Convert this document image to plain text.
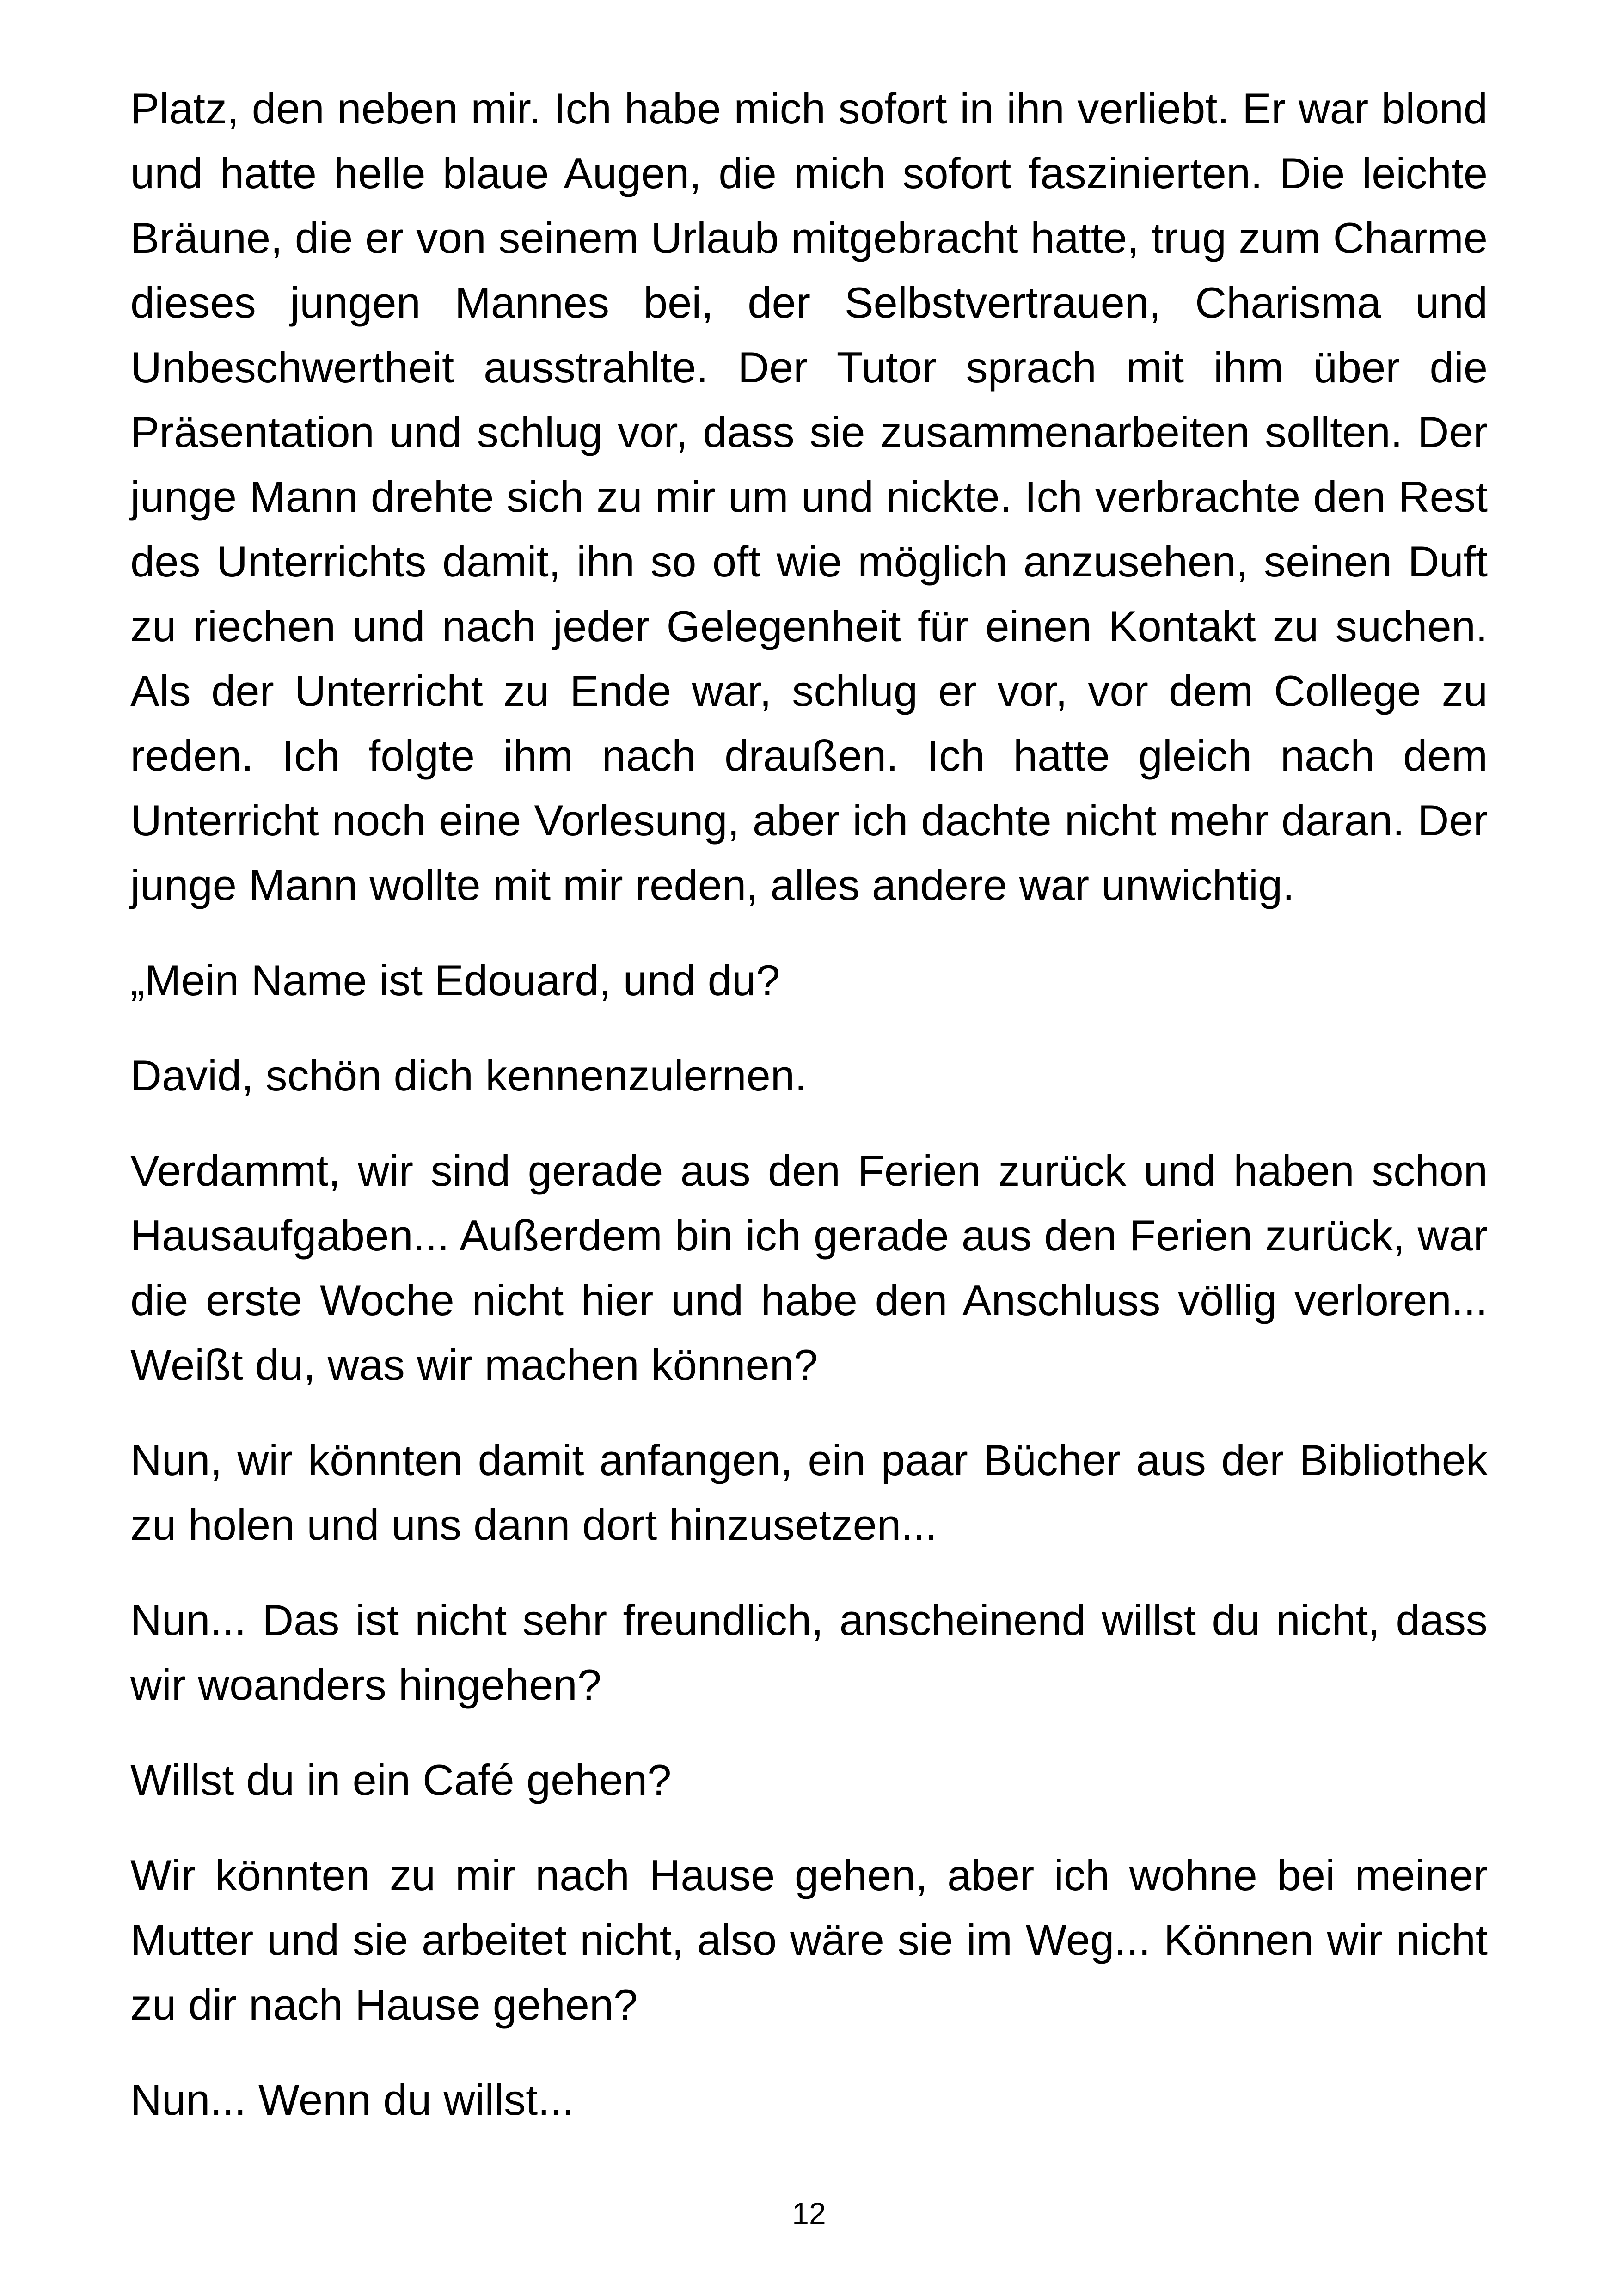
Platz, den neben mir. Ich habe mich sofort in ihn verliebt. Er war blond und hatte helle blaue Augen, die mich sofort faszinierten. Die leichte Bräune, die er von seinem Urlaub mitgebracht hatte, trug zum Charme dieses jungen Mannes bei, der Selbstvertrauen, Charisma und Unbeschwertheit ausstrahlte. Der Tutor sprach mit ihm über die Präsentation und schlug vor, dass sie zusammenarbeiten sollten. Der junge Mann drehte sich zu mir um und nickte. Ich verbrachte den Rest des Unterrichts damit, ihn so oft wie möglich anzusehen, seinen Duft zu riechen und nach jeder Gelegenheit für einen Kontakt zu suchen. Als der Unterricht zu Ende war, schlug er vor, vor dem College zu reden. Ich folgte ihm nach draußen. Ich hatte gleich nach dem Unterricht noch eine Vorlesung, aber ich dachte nicht mehr daran. Der junge Mann wollte mit mir reden, alles andere war unwichtig.

„Mein Name ist Edouard, und du?

David, schön dich kennenzulernen.

Verdammt, wir sind gerade aus den Ferien zurück und haben schon Hausaufgaben... Außerdem bin ich gerade aus den Ferien zurück, war die erste Woche nicht hier und habe den Anschluss völlig verloren... Weißt du, was wir machen können?

Nun, wir könnten damit anfangen, ein paar Bücher aus der Bibliothek zu holen und uns dann dort hinzusetzen...

Nun... Das ist nicht sehr freundlich, anscheinend willst du nicht, dass wir woanders hingehen?

Willst du in ein Café gehen?

Wir könnten zu mir nach Hause gehen, aber ich wohne bei meiner Mutter und sie arbeitet nicht, also wäre sie im Weg... Können wir nicht zu dir nach Hause gehen?

Nun... Wenn du willst...

12
